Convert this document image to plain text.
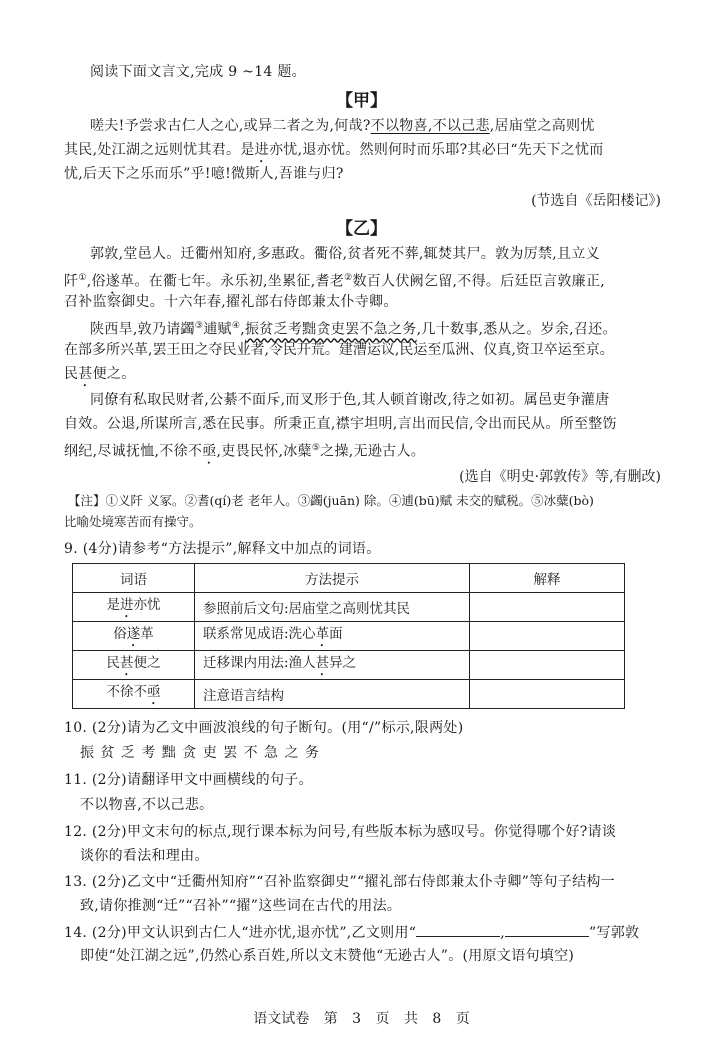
阅读下面文言文,完成 9 ~14 题。
【甲】
嗟夫!予尝求古仁人之心,或异二者之为,何哉?不以物喜,不以己悲,居庙堂之高则忧
其民,处江湖之远则忧其君。是进亦忧,退亦忧。然则何时而乐耶?其必曰“先天下之忧而
忧,后天下之乐而乐”乎!噫!微斯人,吾谁与归?
(节选自《岳阳楼记》)
【乙】
郭敦,堂邑人。迁衢州知府,多惠政。衢俗,贫者死不葬,辄焚其尸。敦为厉禁,且立义
阡①,俗遂革。在衢七年。永乐初,坐累征,耆老②数百人伏阙乞留,不得。后廷臣言敦廉正,
召补监察御史。十六年春,擢礼部右侍郎兼太仆寺卿。
陕西旱,敦乃请蠲③逋赋④,振贫乏考黜贪吏罢不急之务,几十数事,悉从之。岁余,召还。
在部多所兴革,罢王田之夺民业者,令民开荒。建漕运议,民运至瓜洲、仪真,资卫卒运至京。
民甚便之。
同僚有私取民财者,公綦不面斥,而叉形于色,其人顿首谢改,待之如初。属邑吏争灌唐
自效。公退,所谋所言,悉在民事。所秉正直,襟宇坦明,言出而民信,令出而民从。所至整饬
纲纪,尽诚抚恤,不徐不亟,吏畏民怀,冰糵⑤之操,无逊古人。
(选自《明史·郭敦传》等,有删改)
【注】①义阡 义冢。②耆(qí)老 老年人。③蠲(juān) 除。④逋(bū)赋 未交的赋税。⑤冰糵(bò)
比喻处境寒苦而有操守。
9. (4分)请参考“方法提示”,解释文中加点的词语。
词语	方法提示	解释
是进亦忧	参照前后文句:居庙堂之高则忧其民	
俗遂革	联系常见成语:洗心革面	
民甚便之	迁移课内用法:渔人甚异之	
不徐不亟	注意语言结构	
10. (2分)请为乙文中画波浪线的句子断句。(用“/”标示,限两处)
振 贫 乏 考 黜 贪 吏 罢 不 急 之 务
11. (2分)请翻译甲文中画横线的句子。
不以物喜,不以己悲。
12. (2分)甲文末句的标点,现行课本标为问号,有些版本标为感叹号。你觉得哪个好?请谈
谈你的看法和理由。
13. (2分)乙文中“迁衢州知府”“召补监察御史”“擢礼部右侍郎兼太仆寺卿”等句子结构一
致,请你推测“迁”“召补”“擢”这些词在古代的用法。
14. (2分)甲文认识到古仁人“进亦忧,退亦忧”,乙文则用“	,	”写郭敦
即使“处江湖之远”,仍然心系百姓,所以文末赞他“无逊古人”。(用原文语句填空)
语文试卷 第 3 页 共 8 页
